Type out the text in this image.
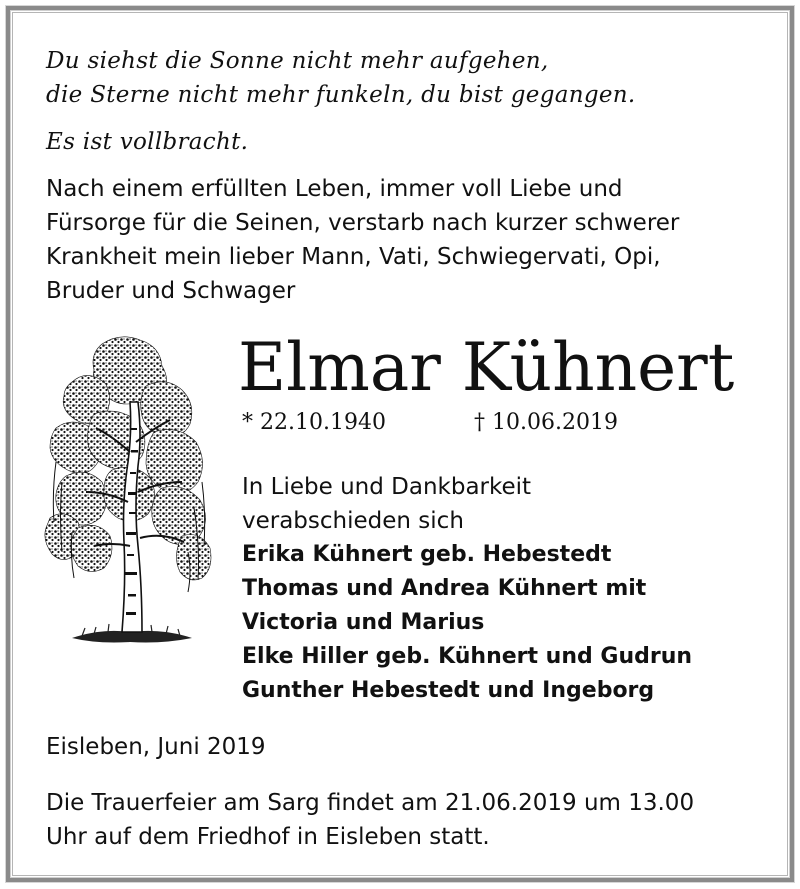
Du siehst die Sonne nicht mehr aufgehen,
die Sterne nicht mehr funkeln, du bist gegangen.

Es ist vollbracht.

Nach einem erfüllten Leben, immer voll Liebe und
Fürsorge für die Seinen, verstarb nach kurzer schwerer
Krankheit mein lieber Mann, Vati, Schwiegervati, Opi,
Bruder und Schwager

Elmar Kühnert
* 22.10.1940	† 10.06.2019

In Liebe und Dankbarkeit
verabschieden sich

Erika Kühnert geb. Hebestedt
Thomas und Andrea Kühnert mit
Victoria und Marius
Elke Hiller geb. Kühnert und Gudrun
Gunther Hebestedt und Ingeborg
Eisleben, Juni 2019

Die Trauerfeier am Sarg findet am 21.06.2019 um 13.00
Uhr auf dem Friedhof in Eisleben statt.
